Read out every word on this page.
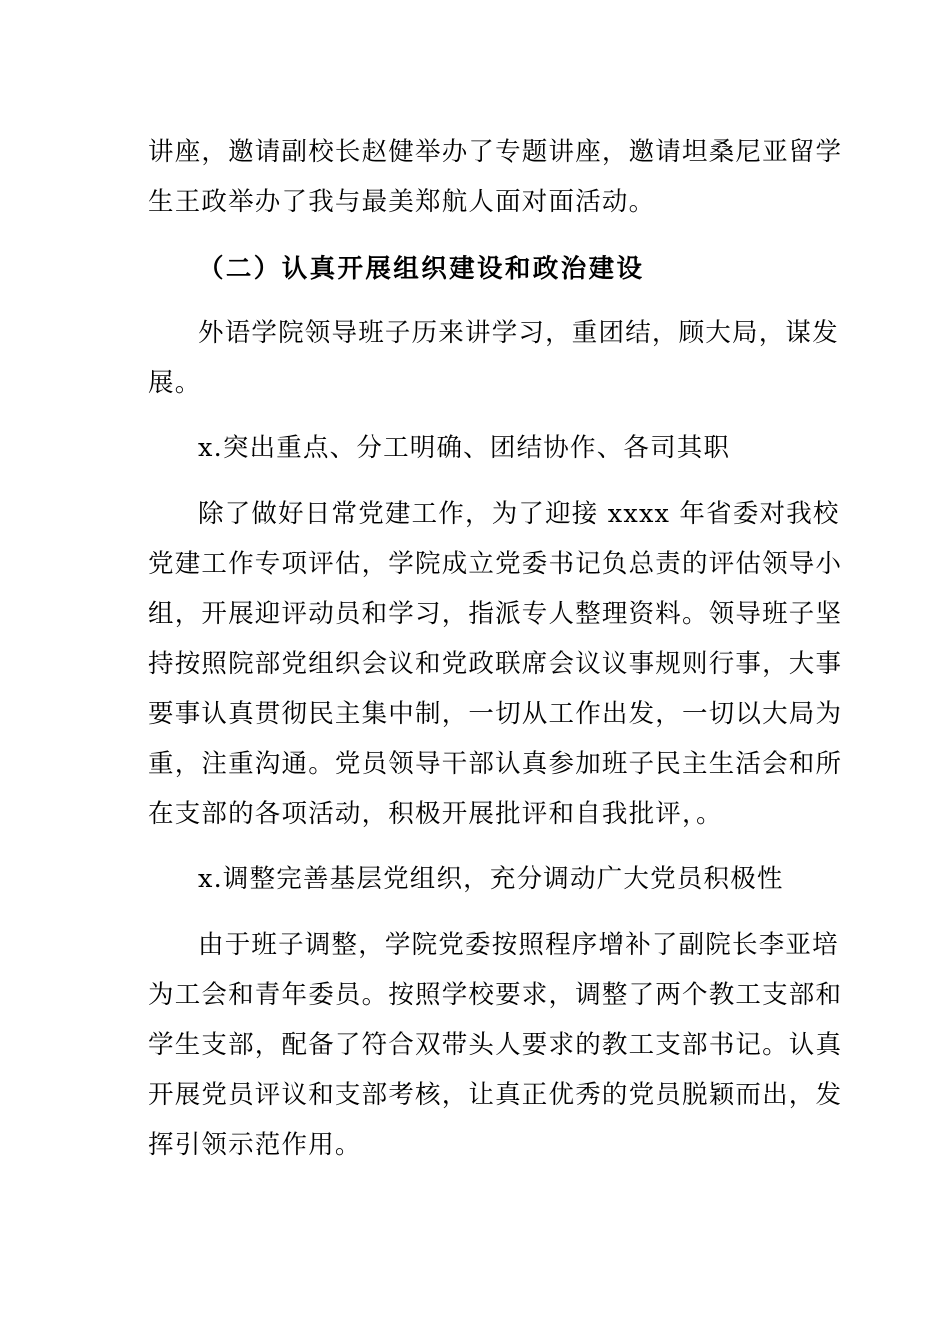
讲座，邀请副校长赵健举办了专题讲座，邀请坦桑尼亚留学
生王政举办了我与最美郑航人面对面活动。
（二）认真开展组织建设和政治建设
外语学院领导班子历来讲学习，重团结，顾大局，谋发
展。
x.突出重点、分工明确、团结协作、各司其职
除了做好日常党建工作，为了迎接 xxxx 年省委对我校
党建工作专项评估，学院成立党委书记负总责的评估领导小
组，开展迎评动员和学习，指派专人整理资料。领导班子坚
持按照院部党组织会议和党政联席会议议事规则行事，大事
要事认真贯彻民主集中制，一切从工作出发，一切以大局为
重，注重沟通。党员领导干部认真参加班子民主生活会和所
在支部的各项活动，积极开展批评和自我批评，。
x.调整完善基层党组织，充分调动广大党员积极性
由于班子调整，学院党委按照程序增补了副院长李亚培
为工会和青年委员。按照学校要求，调整了两个教工支部和
学生支部，配备了符合双带头人要求的教工支部书记。认真
开展党员评议和支部考核，让真正优秀的党员脱颖而出，发
挥引领示范作用。
